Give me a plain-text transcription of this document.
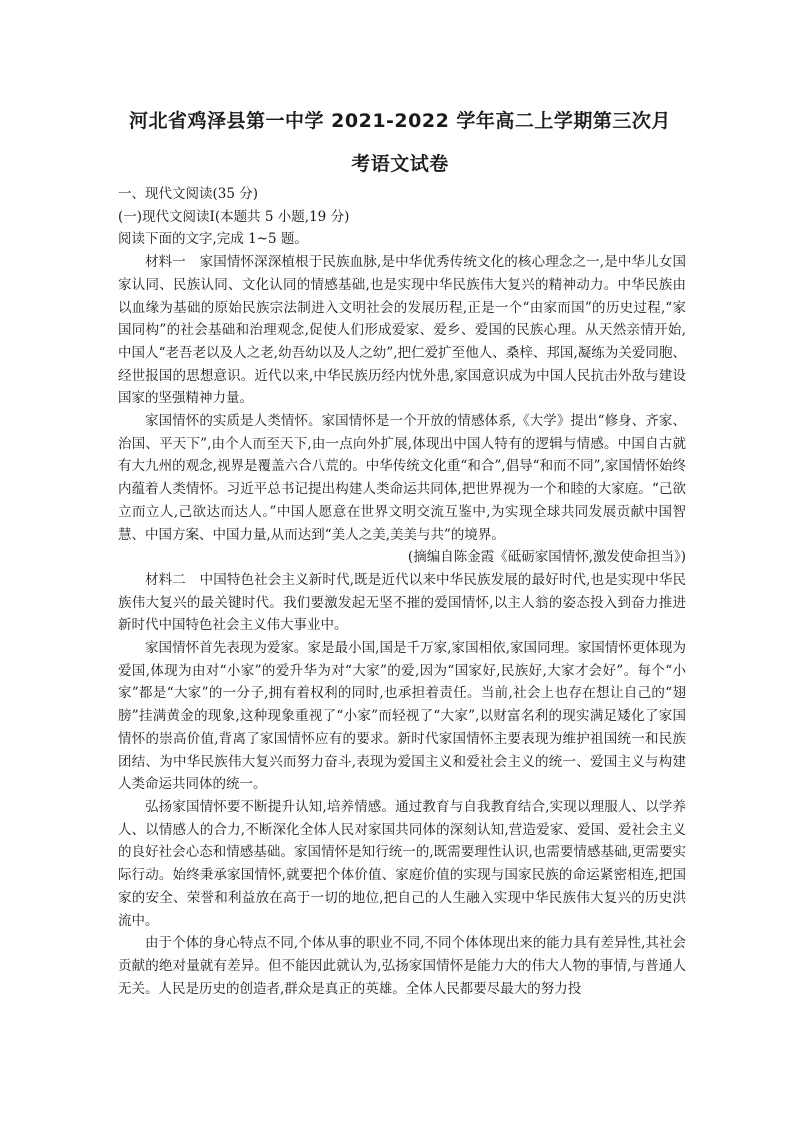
河北省鸡泽县第一中学 2021-2022 学年高二上学期第三次月
考语文试卷

一、现代文阅读(35 分)

(一)现代文阅读Ⅰ(本题共 5 小题,19 分)

阅读下面的文字,完成 1~5 题。

材料一　家国情怀深深植根于民族血脉,是中华优秀传统文化的核心理念之一,是中华儿女国家认同、民族认同、文化认同的情感基础,也是实现中华民族伟大复兴的精神动力。中华民族由以血缘为基础的原始民族宗法制进入文明社会的发展历程,正是一个“由家而国”的历史过程,“家国同构”的社会基础和治理观念,促使人们形成爱家、爱乡、爱国的民族心理。从天然亲情开始,中国人“老吾老以及人之老,幼吾幼以及人之幼”,把仁爱扩至他人、桑梓、邦国,凝练为关爱同胞、经世报国的思想意识。近代以来,中华民族历经内忧外患,家国意识成为中国人民抗击外敌与建设国家的坚强精神力量。

家国情怀的实质是人类情怀。家国情怀是一个开放的情感体系,《大学》提出“修身、齐家、治国、平天下”,由个人而至天下,由一点向外扩展,体现出中国人特有的逻辑与情感。中国自古就有大九州的观念,视界是覆盖六合八荒的。中华传统文化重“和合”,倡导“和而不同”,家国情怀始终内蕴着人类情怀。习近平总书记提出构建人类命运共同体,把世界视为一个和睦的大家庭。“己欲立而立人,己欲达而达人。”中国人愿意在世界文明交流互鉴中,为实现全球共同发展贡献中国智慧、中国方案、中国力量,从而达到“美人之美,美美与共”的境界。

(摘编自陈金霞《砥砺家国情怀,激发使命担当》)

材料二　中国特色社会主义新时代,既是近代以来中华民族发展的最好时代,也是实现中华民族伟大复兴的最关键时代。我们要激发起无坚不摧的爱国情怀,以主人翁的姿态投入到奋力推进新时代中国特色社会主义伟大事业中。

家国情怀首先表现为爱家。家是最小国,国是千万家,家国相依,家国同理。家国情怀更体现为爱国,体现为由对“小家”的爱升华为对“大家”的爱,因为“国家好,民族好,大家才会好”。每个“小家”都是“大家”的一分子,拥有着权利的同时,也承担着责任。当前,社会上也存在想让自己的“翅膀”挂满黄金的现象,这种现象重视了“小家”而轻视了“大家”,以财富名利的现实满足矮化了家国情怀的崇高价值,背离了家国情怀应有的要求。新时代家国情怀主要表现为维护祖国统一和民族团结、为中华民族伟大复兴而努力奋斗,表现为爱国主义和爱社会主义的统一、爱国主义与构建人类命运共同体的统一。

弘扬家国情怀要不断提升认知,培养情感。通过教育与自我教育结合,实现以理服人、以学养人、以情感人的合力,不断深化全体人民对家国共同体的深刻认知,营造爱家、爱国、爱社会主义的良好社会心态和情感基础。家国情怀是知行统一的,既需要理性认识,也需要情感基础,更需要实际行动。始终秉承家国情怀,就要把个体价值、家庭价值的实现与国家民族的命运紧密相连,把国家的安全、荣誉和利益放在高于一切的地位,把自己的人生融入实现中华民族伟大复兴的历史洪流中。

由于个体的身心特点不同,个体从事的职业不同,不同个体体现出来的能力具有差异性,其社会贡献的绝对量就有差异。但不能因此就认为,弘扬家国情怀是能力大的伟大人物的事情,与普通人无关。人民是历史的创造者,群众是真正的英雄。全体人民都要尽最大的努力投
